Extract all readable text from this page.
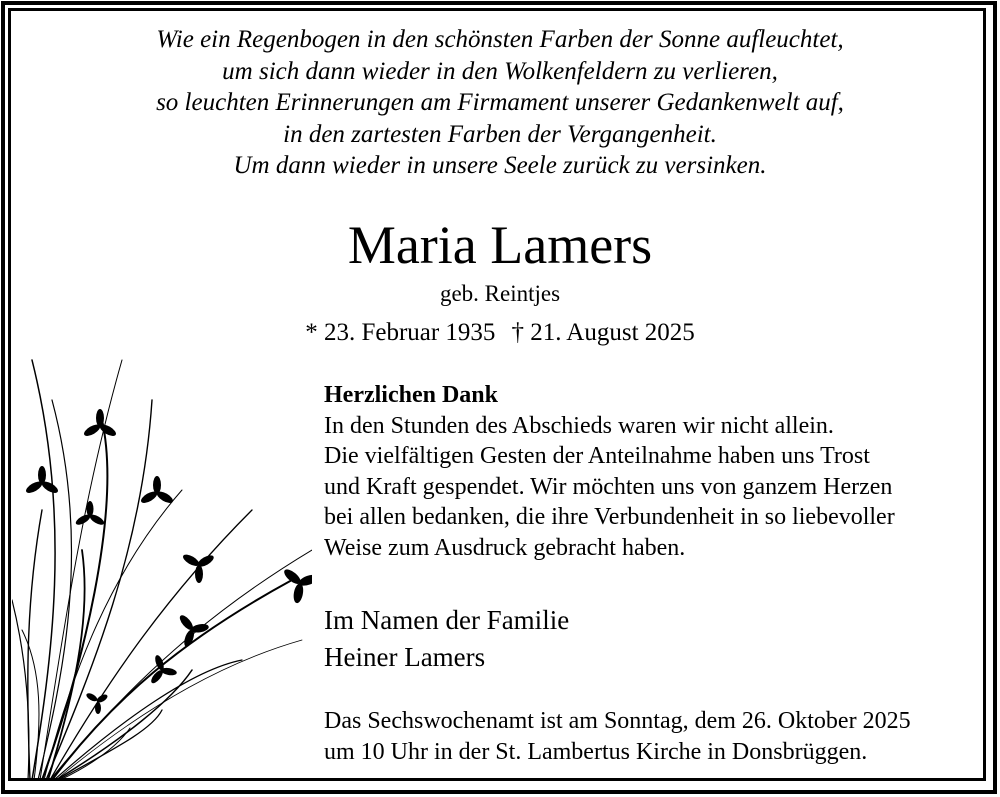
Wie ein Regenbogen in den schönsten Farben der Sonne aufleuchtet,
um sich dann wieder in den Wolkenfeldern zu verlieren,
so leuchten Erinnerungen am Firmament unserer Gedankenwelt auf,
in den zartesten Farben der Vergangenheit.
Um dann wieder in unsere Seele zurück zu versinken.
Maria Lamers
geb. Reintjes
* 23. Februar 1935 † 21. August 2025
Herzlichen Dank
In den Stunden des Abschieds waren wir nicht allein.
Die vielfältigen Gesten der Anteilnahme haben uns Trost
und Kraft gespendet. Wir möchten uns von ganzem Herzen
bei allen bedanken, die ihre Verbundenheit in so liebevoller
Weise zum Ausdruck gebracht haben.
Im Namen der Familie
Heiner Lamers
Das Sechswochenamt ist am Sonntag, dem 26. Oktober 2025
um 10 Uhr in der St. Lambertus Kirche in Donsbrüggen.
